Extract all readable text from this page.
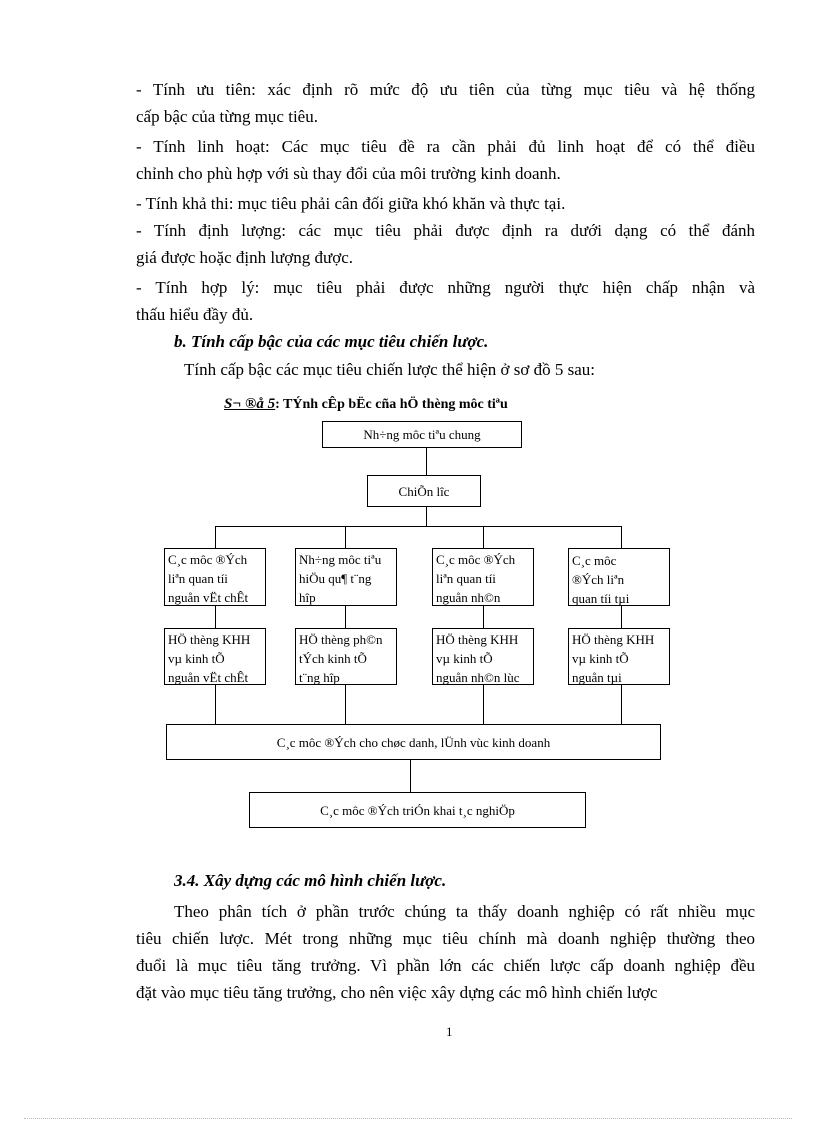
- Tính ưu tiên: xác định rõ mức độ ưu tiên của từng mục tiêu và hệ thống
cấp bậc của từng mục tiêu.
- Tính linh hoạt: Các mục tiêu đề ra cần phải đủ linh hoạt để có thể điều
chỉnh cho phù hợp với sù thay đổi của môi trường kinh doanh.
- Tính khả thi: mục tiêu phải cân đối giữa khó khăn và thực tại.
- Tính định lượng: các mục tiêu phải được định ra dưới dạng có thể đánh
giá được hoặc định lượng được.
- Tính hợp lý: mục tiêu phải được những người thực hiện chấp nhận và
thấu hiểu đầy đủ.
b. Tính cấp bậc của các mục tiêu chiến lược.
Tính cấp bậc các mục tiêu chiến lược thể hiện ở sơ đồ 5 sau:
S¬ ®å 5: TÝnh cÊp bËc cña hÖ thèng môc tiªu
Nh÷ng môc tiªu chung
ChiÕn lîc
C¸c môc ®Ých
liªn quan tíi
nguån vËt chÊt
Nh÷ng môc tiªu
hiÖu qu¶ t¨ng
hîp
C¸c môc ®Ých
liªn quan tíi
nguån nh©n
C¸c môc
®Ých liªn
quan tíi tµi
HÖ thèng KHH
vµ kinh tÕ
nguån vËt chÊt
HÖ thèng ph©n
tÝch kinh tÕ
t¨ng hîp
HÖ thèng KHH
vµ kinh tÕ
nguån nh©n lùc
HÖ thèng KHH
vµ kinh tÕ
nguån tµi
C¸c môc ®Ých cho chøc danh, lÜnh vùc kinh doanh
C¸c môc ®Ých triÓn khai t¸c nghiÖp
3.4. Xây dựng các mô hình chiến lược.
Theo phân tích ở phần trước chúng ta thấy doanh nghiệp có rất nhiều mục
tiêu chiến lược. Mét trong những mục tiêu chính mà doanh nghiệp thường theo
đuổi là mục tiêu tăng trưởng. Vì phần lớn các chiến lược cấp doanh nghiệp đều
đặt vào mục tiêu tăng trưởng, cho nên việc xây dựng các mô hình chiến lược
1
